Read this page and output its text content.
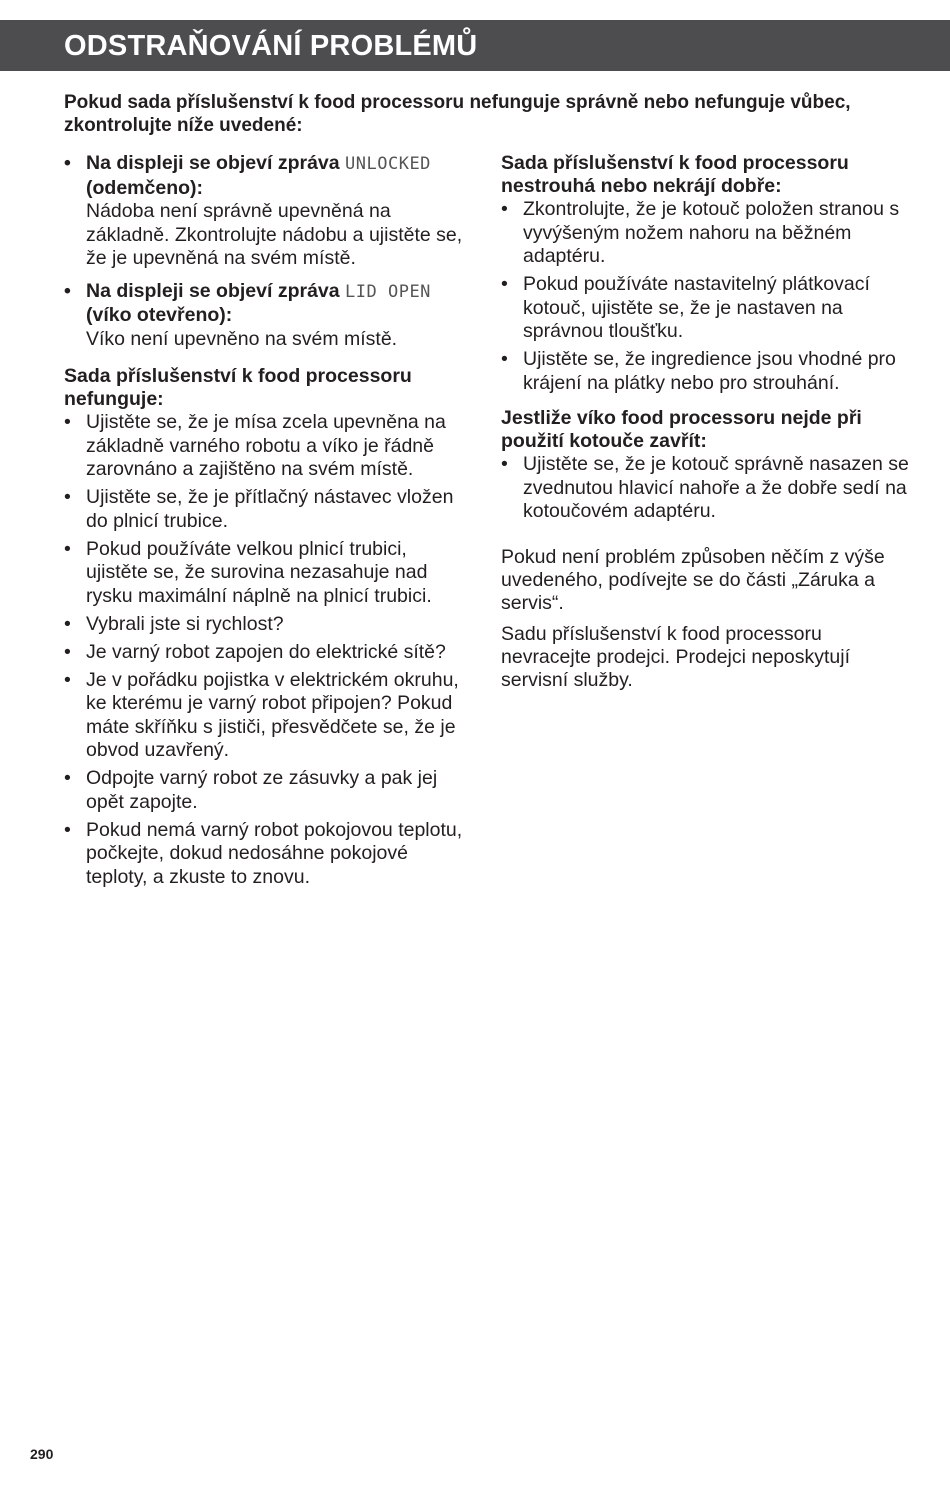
ODSTRAŇOVÁNÍ PROBLÉMŮ

Pokud sada příslušenství k food processoru nefunguje správně nebo nefunguje vůbec, zkontrolujte níže uvedené:

• Na displeji se objeví zpráva UNLOCKED
(odemčeno):
Nádoba není správně upevněná na základně. Zkontrolujte nádobu a ujistěte se, že je upevněná na svém místě.
• Na displeji se objeví zpráva LID OPEN
(víko otevřeno):
Víko není upevněno na svém místě.
Sada příslušenství k food processoru nefunguje:
• Ujistěte se, že je mísa zcela upevněna na základně varného robotu a víko je řádně zarovnáno a zajištěno na svém místě.
• Ujistěte se, že je přítlačný nástavec vložen do plnicí trubice.
• Pokud používáte velkou plnicí trubici, ujistěte se, že surovina nezasahuje nad rysku maximální náplně na plnicí trubici.
• Vybrali jste si rychlost?
• Je varný robot zapojen do elektrické sítě?
• Je v pořádku pojistka v elektrickém okruhu, ke kterému je varný robot připojen? Pokud máte skříňku s jističi, přesvědčete se, že je obvod uzavřený.
• Odpojte varný robot ze zásuvky a pak jej opět zapojte.
• Pokud nemá varný robot pokojovou teplotu, počkejte, dokud nedosáhne pokojové teploty, a zkuste to znovu.
Sada příslušenství k food processoru nestrouhá nebo nekrájí dobře:
• Zkontrolujte, že je kotouč položen stranou s vyvýšeným nožem nahoru na běžném adaptéru.
• Pokud používáte nastavitelný plátkovací kotouč, ujistěte se, že je nastaven na správnou tloušťku.
• Ujistěte se, že ingredience jsou vhodné pro krájení na plátky nebo pro strouhání.
Jestliže víko food processoru nejde při použití kotouče zavřít:
• Ujistěte se, že je kotouč správně nasazen se zvednutou hlavicí nahoře a že dobře sedí na kotoučovém adaptéru.

Pokud není problém způsoben něčím z výše uvedeného, podívejte se do části „Záruka a servis“.

Sadu příslušenství k food processoru nevracejte prodejci. Prodejci neposkytují servisní služby.

290
